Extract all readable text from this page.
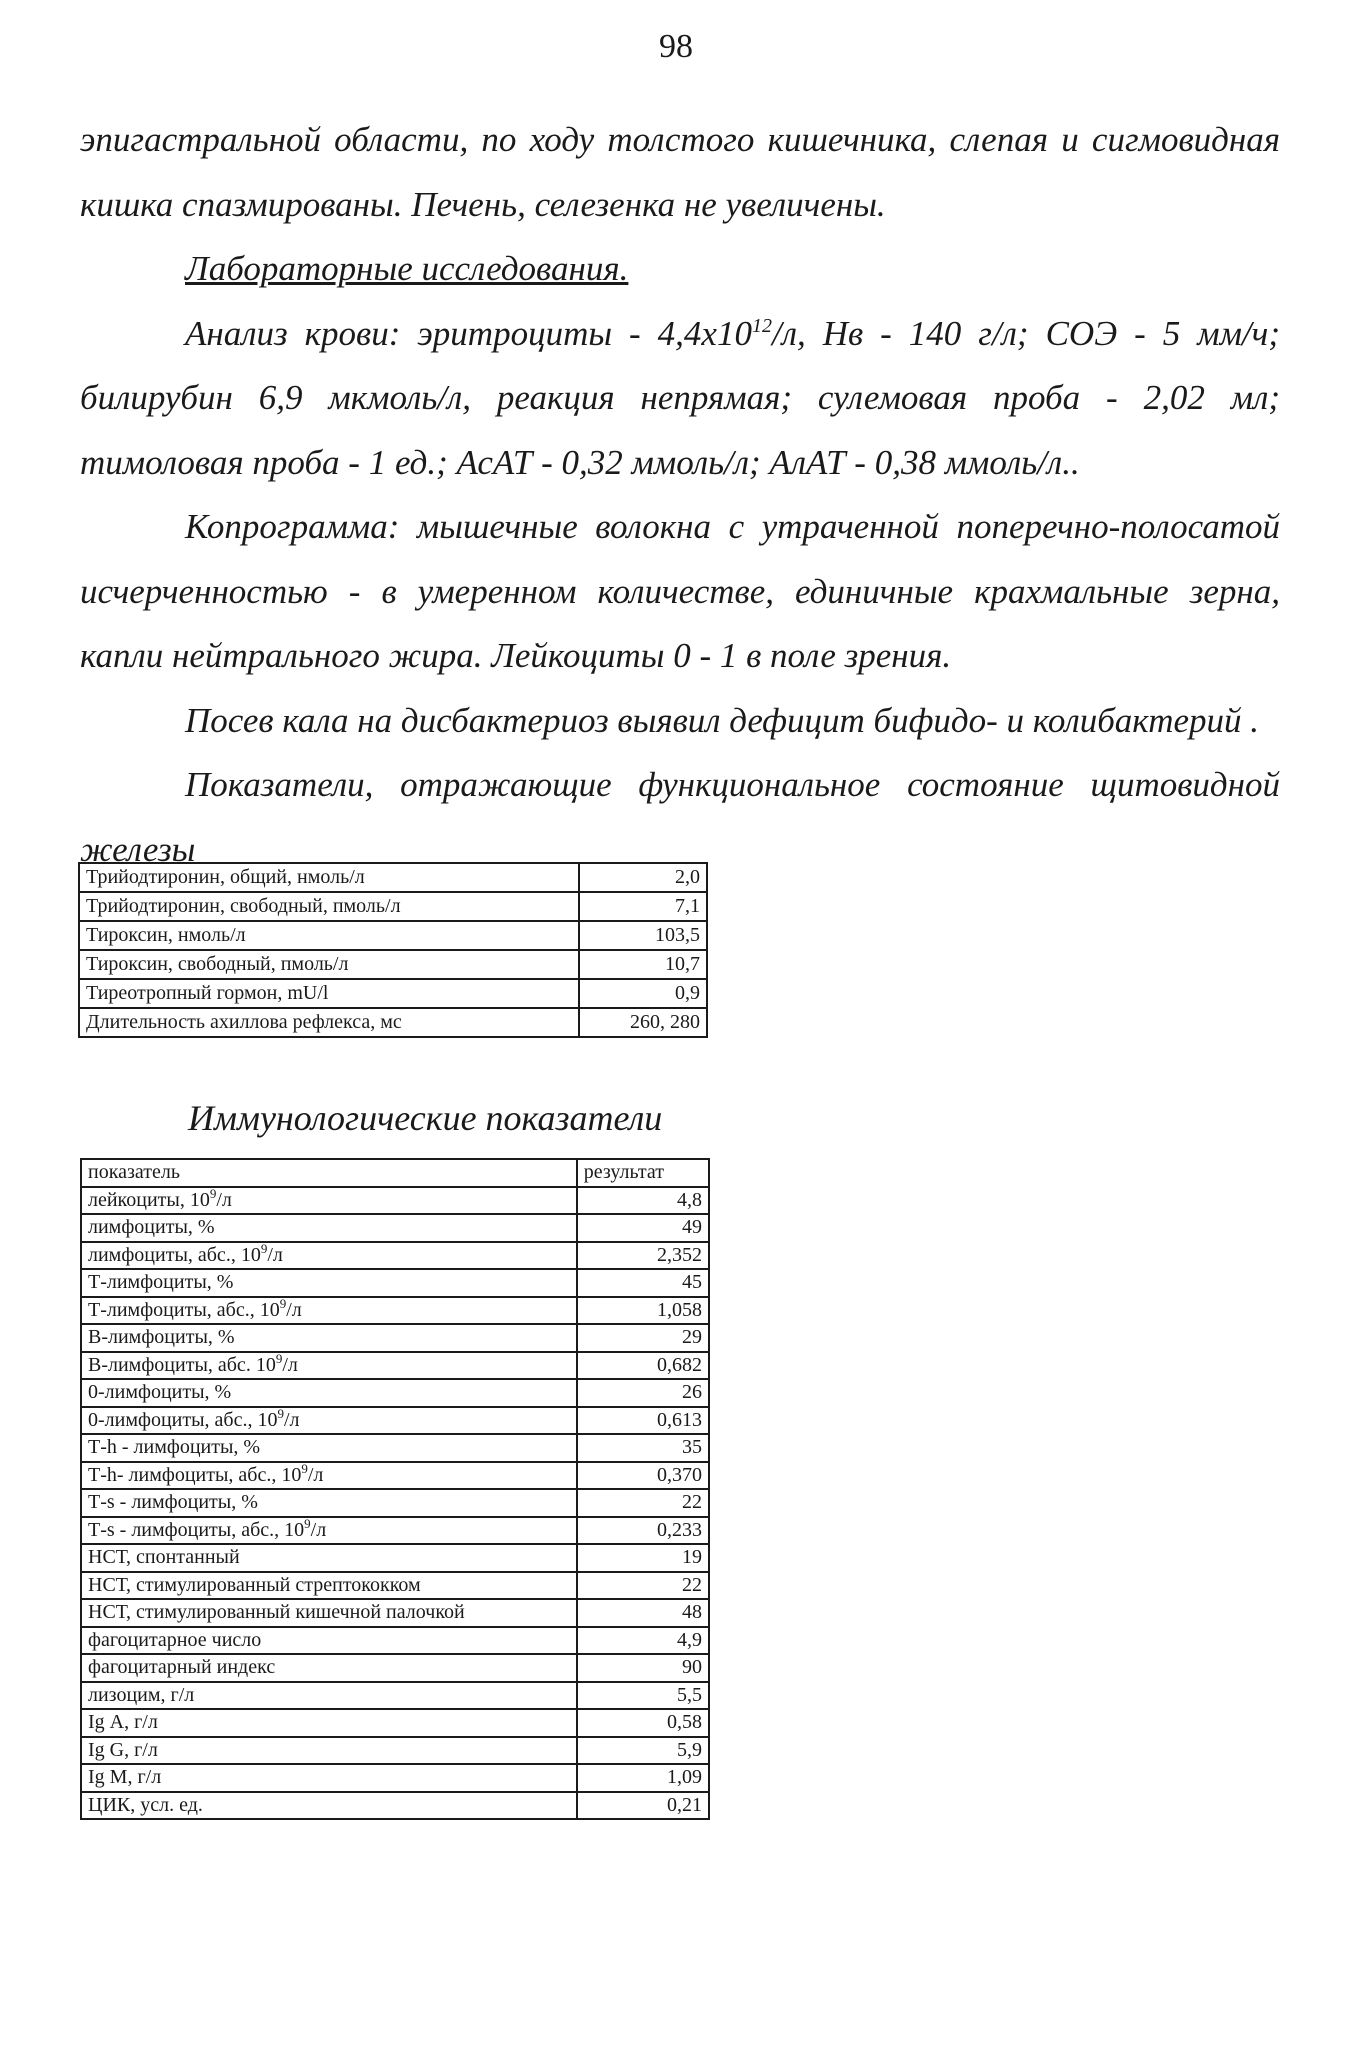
98

эпигастральной области, по ходу толстого кишечника, слепая и сигмовидная кишка спазмированы. Печень, селезенка не увеличены.

Лабораторные исследования.

Анализ крови: эритроциты - $4,4х10^{12}/л$, Нв - 140 г/л; СОЭ - 5 мм/ч; билирубин 6,9 мкмоль/л, реакция непрямая; сулемовая проба - 2,02 мл; тимоловая проба - 1 ед.; АсАТ - 0,32 ммоль/л; АлАТ - 0,38 ммоль/л..

Копрограмма: мышечные волокна с утраченной поперечно-полосатой исчерченностью - в умеренном количестве, единичные крахмальные зерна, капли нейтрального жира. Лейкоциты 0 - 1 в поле зрения.

Посев кала на дисбактериоз выявил дефицит бифидо- и колибактерий .

Показатели, отражающие функциональное состояние щитовидной железы

Трийодтиронин, общий, нмоль/л	2,0
Трийодтиронин, свободный, пмоль/л	7,1
Тироксин, нмоль/л	103,5
Тироксин, свободный, пмоль/л	10,7
Тиреотропный гормон, mU/l	0,9
Длительность ахиллова рефлекса, мс	260, 280
Иммунологические показатели
показатель	результат
лейкоциты, $10^9/л$	4,8
лимфоциты, %	49
лимфоциты, абс., $10^9/л$	2,352
Т-лимфоциты, %	45
Т-лимфоциты, абс., $10^9/л$	1,058
В-лимфоциты, %	29
В-лимфоциты, абс. $10^9/л$	0,682
0-лимфоциты, %	26
0-лимфоциты, абс., $10^9/л$	0,613
Т-h - лимфоциты, %	35
Т-h- лимфоциты, абс., $10^9/л$	0,370
Т-s - лимфоциты, %	22
Т-s - лимфоциты, абс., $10^9/л$	0,233
НСТ, спонтанный	19
НСТ, стимулированный стрептококком	22
НСТ, стимулированный кишечной палочкой	48
фагоцитарное число	4,9
фагоцитарный индекс	90
лизоцим, г/л	5,5
Ig А, г/л	0,58
Ig G, г/л	5,9
Ig М, г/л	1,09
ЦИК, усл. ед.	0,21
